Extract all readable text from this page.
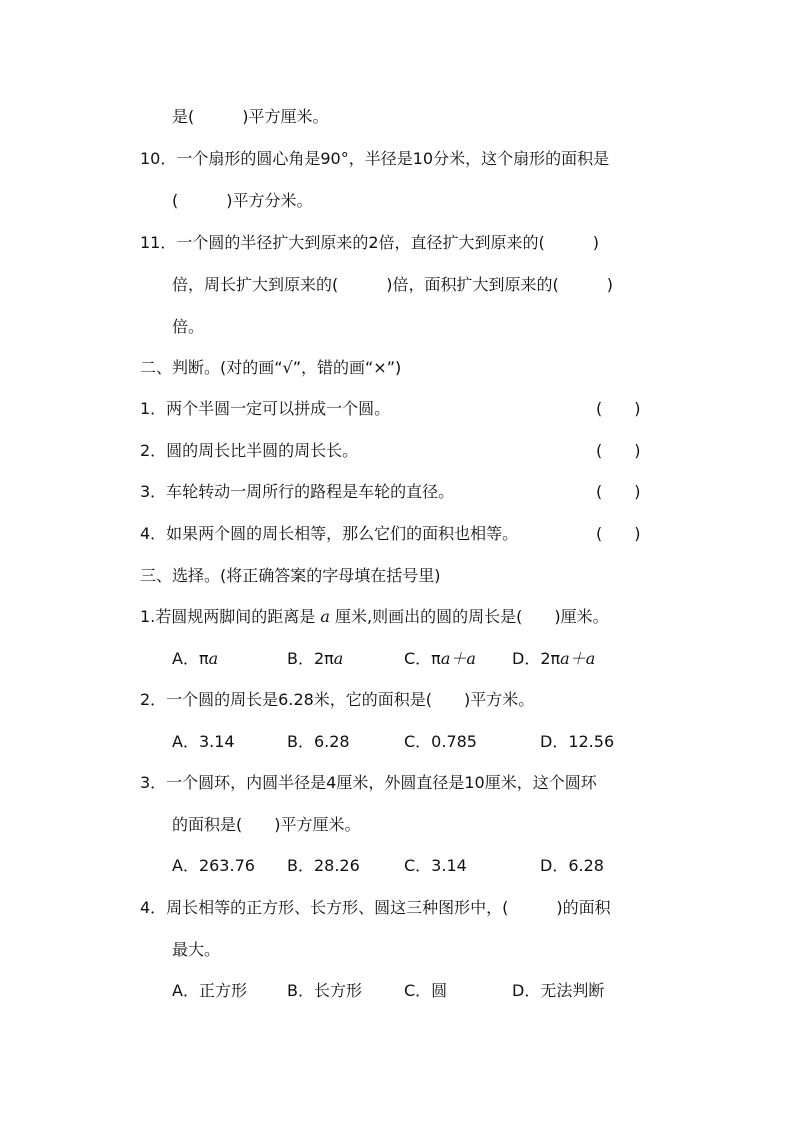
是(　　　)平方厘米。
10．一个扇形的圆心角是90°，半径是10分米，这个扇形的面积是
(　　　)平方分米。
11．一个圆的半径扩大到原来的2倍，直径扩大到原来的(　　　)
倍，周长扩大到原来的(　　　)倍，面积扩大到原来的(　　　)
倍。
二、判断。(对的画“√”，错的画“×”)
1．两个半圆一定可以拼成一个圆。	(　　)
2．圆的周长比半圆的周长长。	(　　)
3．车轮转动一周所行的路程是车轮的直径。	(　　)
4．如果两个圆的周长相等，那么它们的面积也相等。	(　　)
三、选择。(将正确答案的字母填在括号里)
1.若圆规两脚间的距离是 a 厘米,则画出的圆的周长是(　　)厘米。
A．πa	B．2πa	C．πa＋a D．2πa＋a
2．一个圆的周长是6.28米，它的面积是(　　)平方米。
A．3.14	B．6.28	C．0.785	D．12.56
3．一个圆环，内圆半径是4厘米，外圆直径是10厘米，这个圆环
的面积是(　　)平方厘米。
A．263.76 B．28.26	C．3.14	D．6.28
4．周长相等的正方形、长方形、圆这三种图形中，(　　　)的面积
最大。
A．正方形	B．长方形	C．圆	D．无法判断
